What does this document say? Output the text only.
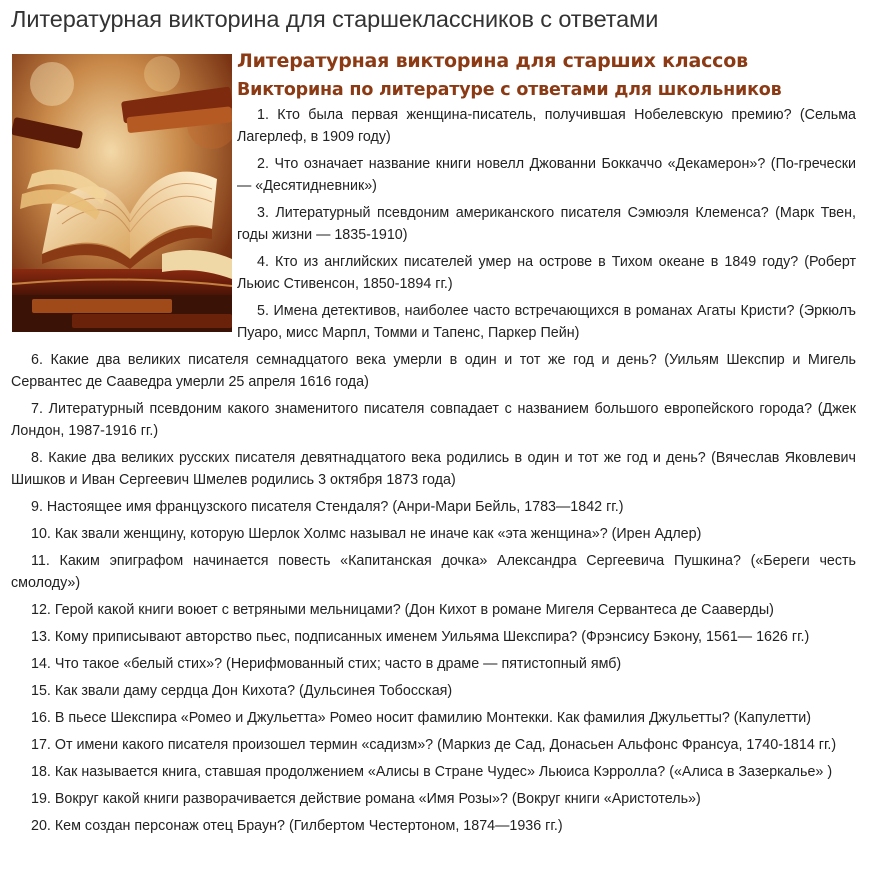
Литературная викторина для старшеклассников с ответами
Литературная викторина для старших классов
Викторина по литературе с ответами для школьников

1. Кто была первая женщина-писатель, получившая Нобелевскую премию? (Сельма Лагерлеф, в 1909 году)

2. Что означает название книги новелл Джованни Боккаччо «Декамерон»? (По-гречески — «Десятидневник»)

3. Литературный псевдоним американского писателя Сэмюэля Клеменса? (Марк Твен, годы жизни — 1835-1910)

4. Кто из английских писателей умер на острове в Тихом океане в 1849 году? (Роберт Льюис Стивенсон, 1850-1894 гг.)

5. Имена детективов, наиболее часто встречающихся в романах Агаты Кристи? (Эркюлъ Пуаро, мисс Марпл, Томми и Тапенс, Паркер Пейн)

6. Какие два великих писателя семнадцатого века умерли в один и тот же год и день? (Уильям Шекспир и Мигель Сервантес де Сааведра умерли 25 апреля 1616 года)

7. Литературный псевдоним какого знаменитого писателя совпадает с названием большого европейского города? (Джек Лондон, 1987-1916 гг.)

8. Какие два великих русских писателя девятнадцатого века родились в один и тот же год и день? (Вячеслав Яковлевич Шишков и Иван Сергеевич Шмелев родились 3 октября 1873 года)

9. Настоящее имя французского писателя Стендаля? (Анри-Мари Бейль, 1783—1842 гг.)

10. Как звали женщину, которую Шерлок Холмс называл не иначе как «эта женщина»? (Ирен Адлер)

11. Каким эпиграфом начинается повесть «Капитанская дочка» Александра Сергеевича Пушкина? («Береги честь смолоду»)

12. Герой какой книги воюет с ветряными мельницами? (Дон Кихот в романе Мигеля Сервантеса де Сааверды)

13. Кому приписывают авторство пьес, подписанных именем Уильяма Шекспира? (Фрэнсису Бэкону, 1561— 1626 гг.)

14. Что такое «белый стих»? (Нерифмованный стих; часто в драме — пятистопный ямб)

15. Как звали даму сердца Дон Кихота? (Дульсинея Тобосская)

16. В пьесе Шекспира «Ромео и Джульетта» Ромео носит фамилию Монтекки. Как фамилия Джульетты? (Капулетти)

17. От имени какого писателя произошел термин «садизм»? (Маркиз де Сад, Донасьен Альфонс Франсуа, 1740-1814 гг.)

18. Как называется книга, ставшая продолжением «Алисы в Стране Чудес» Льюиса Кэрролла? («Алиса в Зазеркалье» )

19. Вокруг какой книги разворачивается действие романа «Имя Розы»? (Вокруг книги «Аристотель»)

20. Кем создан персонаж отец Браун? (Гилбертом Честертоном, 1874—1936 гг.)
